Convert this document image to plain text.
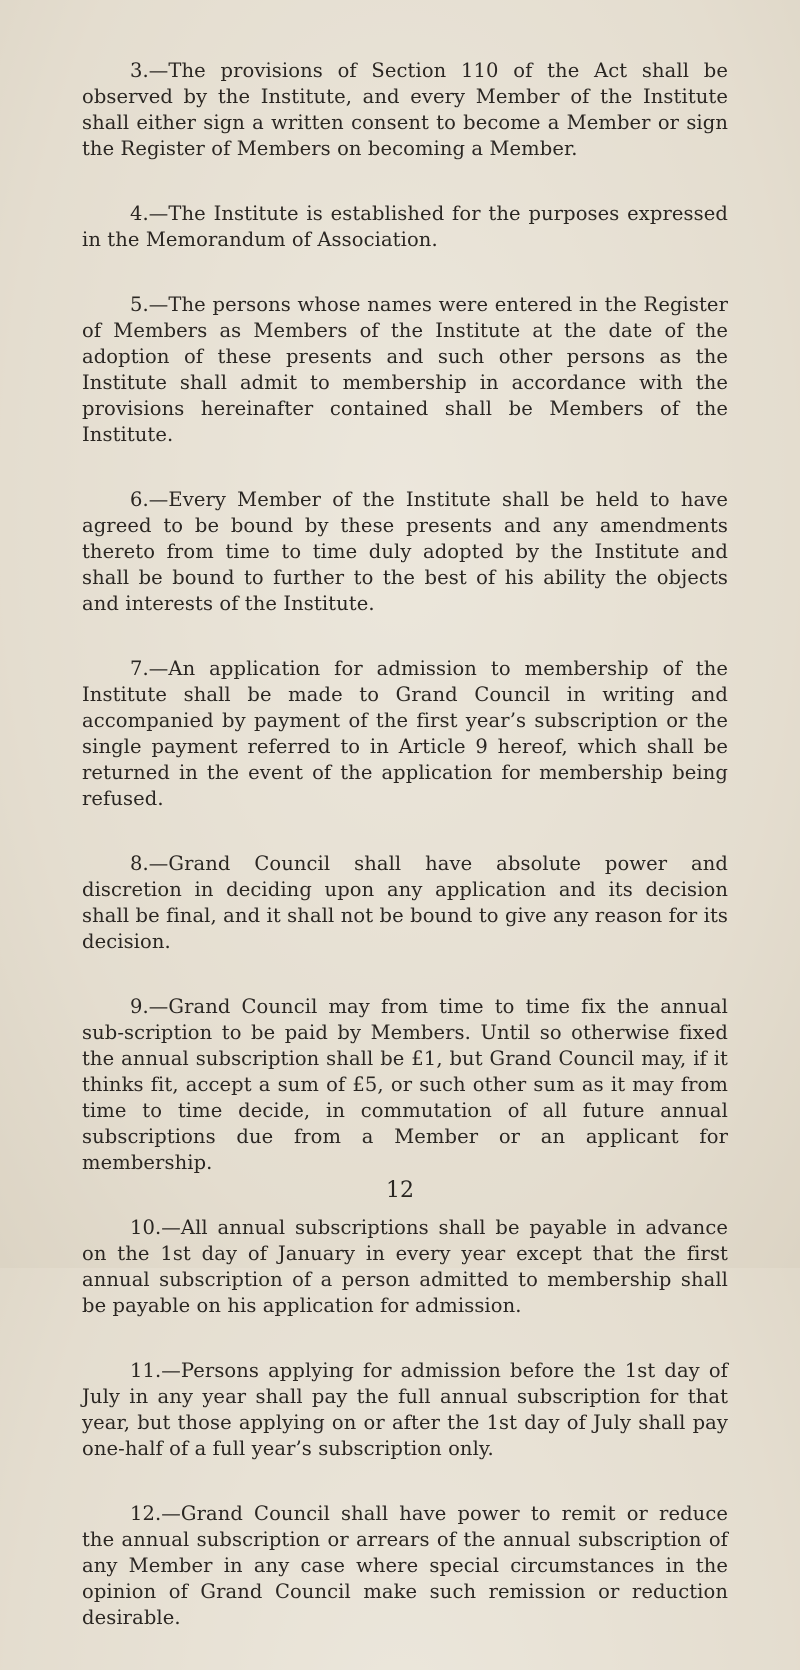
3.—The provisions of Section 110 of the Act shall be observed by the Institute, and every Member of the Institute shall either sign a written consent to become a Member or sign the Register of Members on becoming a Member.

4.—The Institute is established for the purposes expressed in the Memorandum of Association.

5.—The persons whose names were entered in the Register of Members as Members of the Institute at the date of the adoption of these presents and such other persons as the Institute shall admit to membership in accordance with the provisions hereinafter contained shall be Members of the Institute.

6.—Every Member of the Institute shall be held to have agreed to be bound by these presents and any amendments thereto from time to time duly adopted by the Institute and shall be bound to further to the best of his ability the objects and interests of the Institute.

7.—An application for admission to membership of the Institute shall be made to Grand Council in writing and accompanied by payment of the first year’s subscription or the single payment referred to in Article 9 hereof, which shall be returned in the event of the application for membership being refused.

8.—Grand Council shall have absolute power and discretion in deciding upon any application and its decision shall be final, and it shall not be bound to give any reason for its decision.

9.—Grand Council may from time to time fix the annual sub-scription to be paid by Members. Until so otherwise fixed the annual subscription shall be £1, but Grand Council may, if it thinks fit, accept a sum of £5, or such other sum as it may from time to time decide, in commutation of all future annual subscriptions due from a Member or an applicant for membership.

10.—All annual subscriptions shall be payable in advance on the 1st day of January in every year except that the first annual subscription of a person admitted to membership shall be payable on his application for admission.

11.—Persons applying for admission before the 1st day of July in any year shall pay the full annual subscription for that year, but those applying on or after the 1st day of July shall pay one-half of a full year’s subscription only.

12.—Grand Council shall have power to remit or reduce the annual subscription or arrears of the annual subscription of any Member in any case where special circumstances in the opinion of Grand Council make such remission or reduction desirable.

12
